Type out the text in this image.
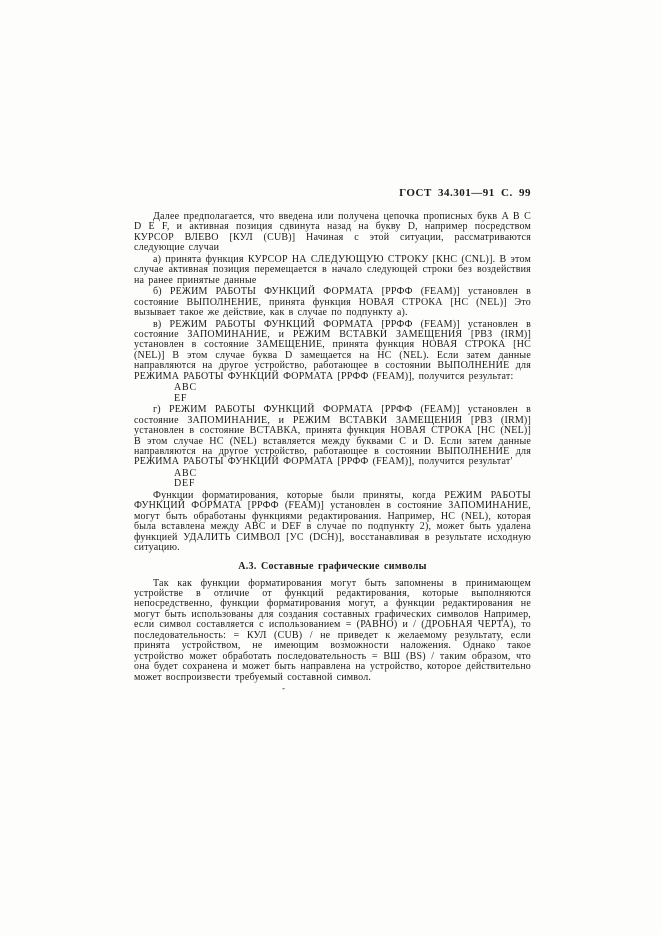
ГОСТ 34.301—91 С. 99

Далее предполагается, что введена или получена цепочка прописных букв A B C D E F, и активная позиция сдвинута назад на букву D, например посредством КУРСОР ВЛЕВО [КУЛ (CUB)] Начиная с этой ситуации, рассматриваются следующие случаи

а) принята функция КУРСОР НА СЛЕДУЮЩУЮ СТРОКУ [КНС (CNL)]. В этом случае активная позиция перемещается в начало следующей строки без воздействия на ранее принятые данные

б) РЕЖИМ РАБОТЫ ФУНКЦИЙ ФОРМАТА [РРФФ (FEAM)] установлен в состояние ВЫПОЛНЕНИЕ, принята функция НОВАЯ СТРОКА [НС (NEL)] Это вызывает такое же действие, как в случае по подпункту а).

в) РЕЖИМ РАБОТЫ ФУНКЦИЙ ФОРМАТА [РРФФ (FEAM)] установлен в состояние ЗАПОМИНАНИЕ, и РЕЖИМ ВСТАВКИ ЗАМЕЩЕНИЯ [РВЗ (IRM)] установлен в состояние ЗАМЕЩЕНИЕ, принята функция НОВАЯ СТРОКА [НС (NEL)] В этом случае буква D замещается на НС (NEL). Если затем данные направляются на другое устройство, работающее в состоянии ВЫПОЛНЕНИЕ для РЕЖИМА РАБОТЫ ФУНКЦИЙ ФОРМАТА [РРФФ (FEAM)], получится результат:

ABC
EF

г) РЕЖИМ РАБОТЫ ФУНКЦИЙ ФОРМАТА [РРФФ (FEAM)] установлен в состояние ЗАПОМИНАНИЕ, и РЕЖИМ ВСТАВКИ ЗАМЕЩЕНИЯ [РВЗ (IRM)] установлен в состояние ВСТАВКА, принята функция НОВАЯ СТРОКА [НС (NEL)] В этом случае НС (NEL) вставляется между буквами С и D. Если затем данные направляются на другое устройство, работающее в состоянии ВЫПОЛНЕНИЕ для РЕЖИМА РАБОТЫ ФУНКЦИЙ ФОРМАТА [РРФФ (FEAM)], получится результат'

ABC
DEF

Функции форматирования, которые были приняты, когда РЕЖИМ РАБОТЫ ФУНКЦИЙ ФОРМАТА [РРФФ (FEAM)] установлен в состояние ЗАПОМИНАНИЕ, могут быть обработаны функциями редактирования. Например, НС (NEL), которая была вставлена между ABC и DEF в случае по подпункту 2), может быть удалена функцией УДАЛИТЬ СИМВОЛ [УС (DCH)], восстанавливая в результате исходную ситуацию.

А.3. Составные графические символы

Так как функции форматирования могут быть запомнены в принимающем устройстве в отличие от функций редактирования, которые выполняются непосредственно, функции форматирования могут, а функции редактирования не могут быть использованы для создания составных графических символов Например, если символ составляется с использованием = (РАВНО) и / (ДРОБНАЯ ЧЕРТА), то последовательность: = КУЛ (CUB) / не приведет к желаемому результату, если принята устройством, не имеющим возможности наложения. Однако такое устройство может обработать последовательность = ВШ (BS) / таким образом, что она будет сохранена и может быть направлена на устройство, которое действительно может воспроизвести требуемый составной символ.

-
